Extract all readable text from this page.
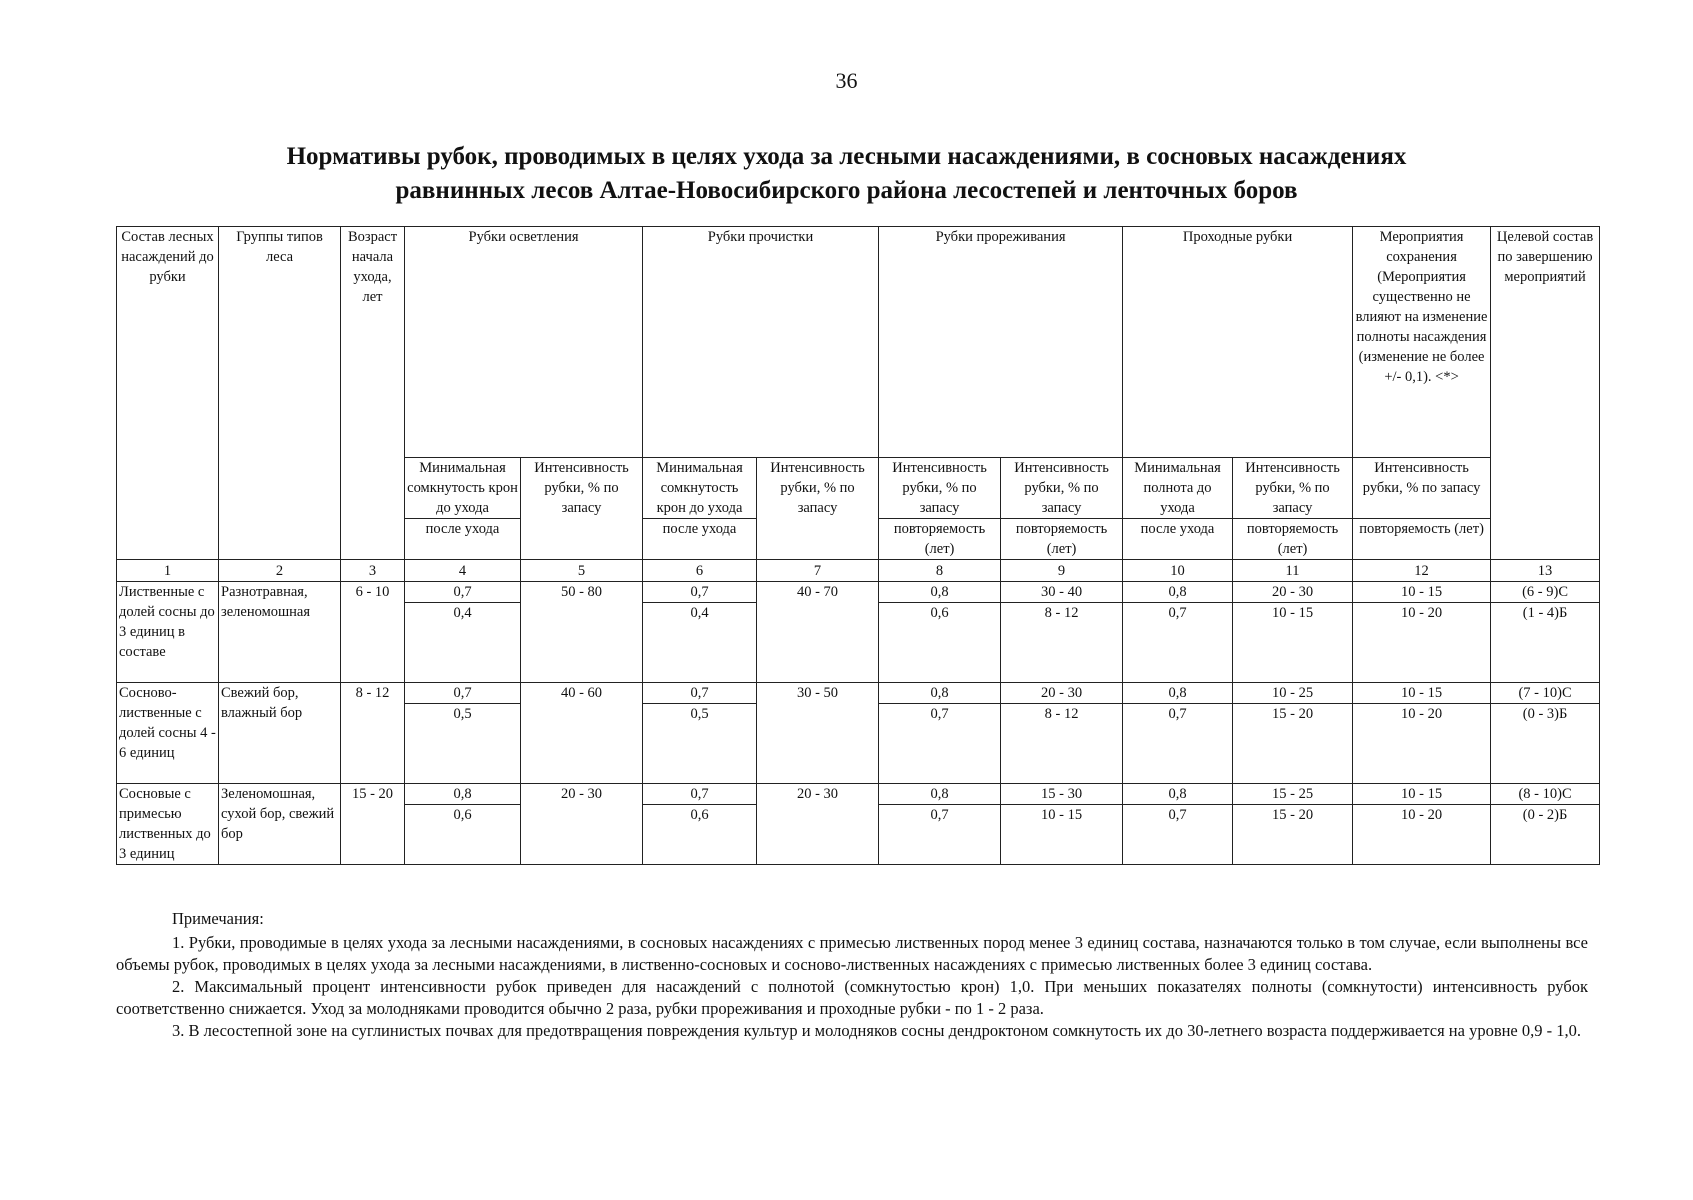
36
Нормативы рубок, проводимых в целях ухода за лесными насаждениями, в сосновых насаждениях
равнинных лесов Алтае-Новосибирского района лесостепей и ленточных боров
Состав лесных насаждений до рубки	Группы типов леса	Возраст начала ухода, лет	Рубки осветления		Рубки прочистки		Рубки прореживания		Проходные рубки		Мероприятия сохранения (Мероприятия существенно не влияют на изменение полноты насаждения (изменение не более +/- 0,1). <*>	Целевой состав по завершению мероприятий
			Минимальная сомкнутость крон до ухода	Интенсивность рубки, % по запасу	Минимальная сомкнутость крон до ухода	Интенсивность рубки, % по запасу	Интенсивность рубки, % по запасу	Интенсивность рубки, % по запасу	Минимальная полнота до ухода	Интенсивность рубки, % по запасу	Интенсивность рубки, % по запасу	
			после ухода		после ухода		повторяемость (лет)	повторяемость (лет)	после ухода	повторяемость (лет)	повторяемость (лет)	
1	2	3	4	5	6	7	8	9	10	11	12	13
Лиственные с долей сосны до 3 единиц в составе	Разнотравная, зеленомошная	6 - 10	0,7	50 - 80	0,7	40 - 70	0,8	30 - 40	0,8	20 - 30	10 - 15	(6 - 9)С
			0,4		0,4		0,6	8 - 12	0,7	10 - 15	10 - 20	(1 - 4)Б
Сосново-лиственные с долей сосны 4 - 6 единиц	Свежий бор, влажный бор	8 - 12	0,7	40 - 60	0,7	30 - 50	0,8	20 - 30	0,8	10 - 25	10 - 15	(7 - 10)С
			0,5		0,5		0,7	8 - 12	0,7	15 - 20	10 - 20	(0 - 3)Б
Сосновые с примесью лиственных до 3 единиц	Зеленомошная, сухой бор, свежий бор	15 - 20	0,8	20 - 30	0,7	20 - 30	0,8	15 - 30	0,8	15 - 25	10 - 15	(8 - 10)С
			0,6		0,6		0,7	10 - 15	0,7	15 - 20	10 - 20	(0 - 2)Б

Примечания:

1. Рубки, проводимые в целях ухода за лесными насаждениями, в сосновых насаждениях с примесью лиственных пород менее 3 единиц состава, назначаются только в том случае, если выполнены все объемы рубок, проводимых в целях ухода за лесными насаждениями, в лиственно-сосновых и сосново-лиственных насаждениях с примесью лиственных более 3 единиц состава.

2. Максимальный процент интенсивности рубок приведен для насаждений с полнотой (сомкнутостью крон) 1,0. При меньших показателях полноты (сомкнутости) интенсивность рубок соответственно снижается. Уход за молодняками проводится обычно 2 раза, рубки прореживания и проходные рубки - по 1 - 2 раза.

3. В лесостепной зоне на суглинистых почвах для предотвращения повреждения культур и молодняков сосны дендроктоном сомкнутость их до 30-летнего возраста поддерживается на уровне 0,9 - 1,0.
